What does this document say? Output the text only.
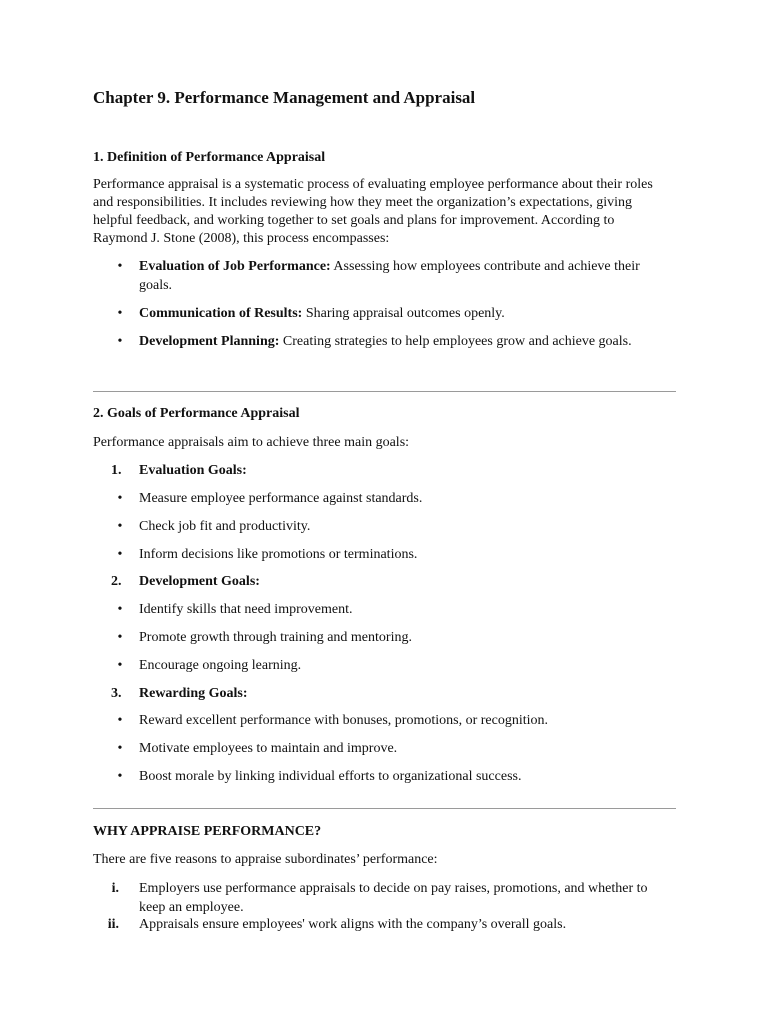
Chapter 9. Performance Management and Appraisal
1. Definition of Performance Appraisal

Performance appraisal is a systematic process of evaluating employee performance about their roles and responsibilities. It includes reviewing how they meet the organization’s expectations, giving helpful feedback, and working together to set goals and plans for improvement. According to Raymond J. Stone (2008), this process encompasses:

•	Evaluation of Job Performance: Assessing how employees contribute and achieve their goals.
•	Communication of Results: Sharing appraisal outcomes openly.
•	Development Planning: Creating strategies to help employees grow and achieve goals.
2. Goals of Performance Appraisal

Performance appraisals aim to achieve three main goals:

1.	Evaluation Goals:
•	Measure employee performance against standards.
•	Check job fit and productivity.
•	Inform decisions like promotions or terminations.
2.	Development Goals:
•	Identify skills that need improvement.
•	Promote growth through training and mentoring.
•	Encourage ongoing learning.
3.	Rewarding Goals:
•	Reward excellent performance with bonuses, promotions, or recognition.
•	Motivate employees to maintain and improve.
•	Boost morale by linking individual efforts to organizational success.
WHY APPRAISE PERFORMANCE?

There are five reasons to appraise subordinates’ performance:

i. Employers use performance appraisals to decide on pay raises, promotions, and whether to keep an employee.
ii. Appraisals ensure employees' work aligns with the company’s overall goals.
